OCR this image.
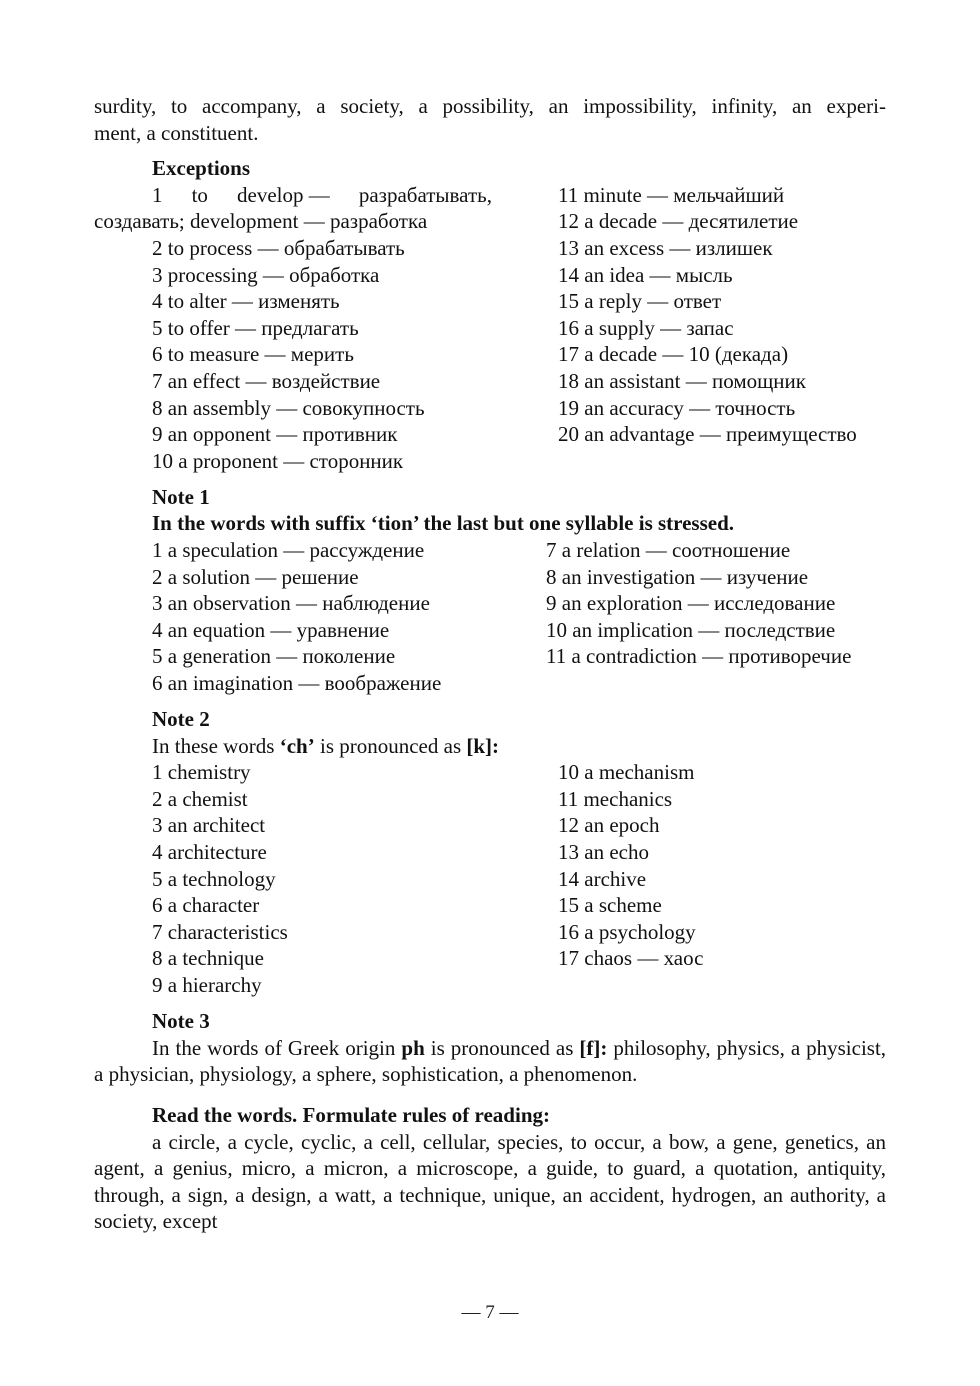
surdity, to accompany, a society, a possibility, an impossibility, infinity, an experi-
ment, a constituent.

Exceptions

1 to develop — разрабатывать,
создавать; development — разработка
2 to process — обрабатывать
3 processing — обработка
4 to alter — изменять
5 to offer — предлагать
6 to measure — мерить
7 an effect — воздействие
8 an assembly — совокупность
9 an opponent — противник
10 a proponent — сторонник
11 minute — мельчайший
12 a decade — десятилетие
13 an excess — излишек
14 an idea — мысль
15 a reply — ответ
16 a supply — запас
17 a decade — 10 (декада)
18 an assistant — помощник
19 an accuracy — точность
20 an advantage — преимущество

Note 1

In the words with suffix ‘tion’ the last but one syllable is stressed.

1 a speculation — рассуждение
2 a solution — решение
3 an observation — наблюдение
4 an equation — уравнение
5 a generation — поколение
6 an imagination — воображение
7 a relation — соотношение
8 an investigation — изучение
9 an exploration — исследование
10 an implication — последствие
11 a contradiction — противоречие

Note 2

In these words ‘ch’ is pronounced as [k]:
1 chemistry
2 a chemist
3 an architect
4 architecture
5 a technology
6 a character
7 characteristics
8 a technique
9 a hierarchy
10 a mechanism
11 mechanics
12 an epoch
13 an echo
14 archive
15 a scheme
16 a psychology
17 chaos — хаос

Note 3

In the words of Greek origin ph is pronounced as [f]: philosophy, physics, a physicist, a physician, physiology, a sphere, sophistication, a phenomenon.

Read the words. Formulate rules of reading:

a circle, a cycle, cyclic, a cell, cellular, species, to occur, a bow, a gene, genetics, an agent, a genius, micro, a micron, a microscope, a guide, to guard, a quotation, antiquity, through, a sign, a design, a watt, a technique, unique, an accident, hydrogen, an authority, a society, except

— 7 —
